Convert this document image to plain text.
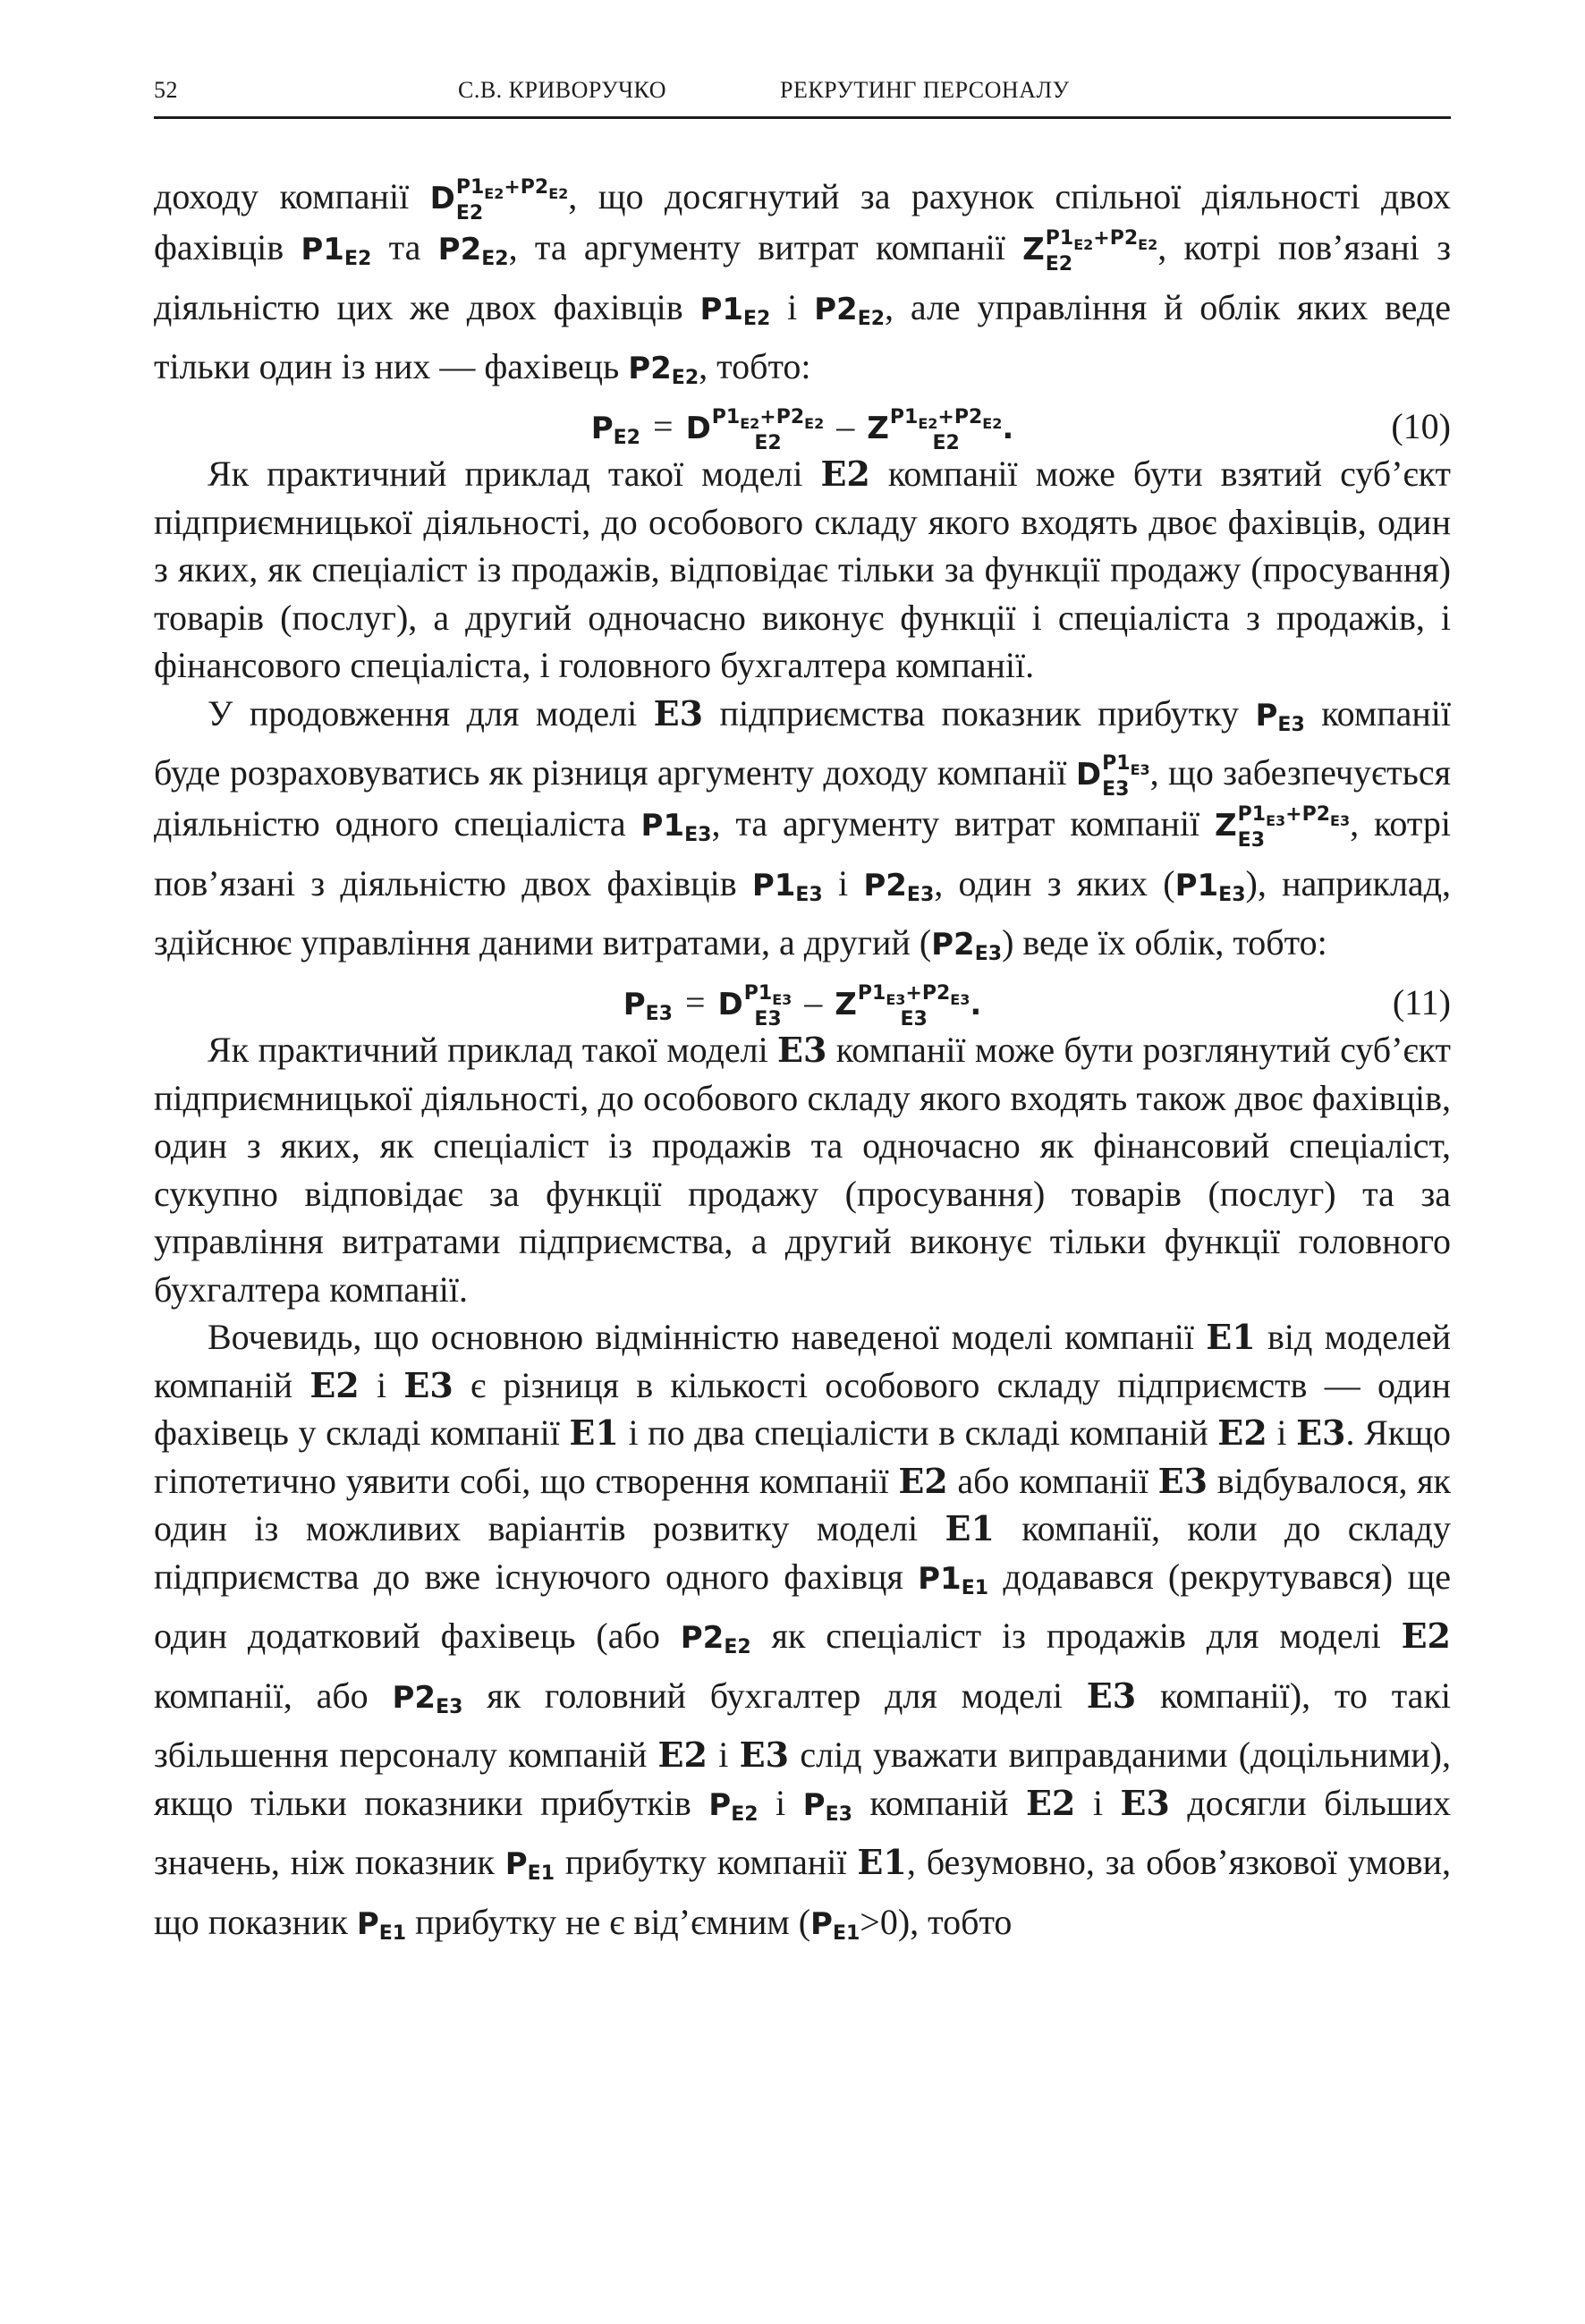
52	С.В. КРИВОРУЧКО	РЕКРУТИНГ ПЕРСОНАЛУ

доходу компанії D $P1_{E2}+P2_{E2}$
E2	, що досягнутий за рахунок спільної діяльності двох фахівців $P1_{E2}$ та $P2_{E2}$, та аргументу витрат компанії Z $P1_{E2}+P2_{E2}$
E2	, котрі пов’язані з діяльністю цих же двох фахівців $P1_{E2}$ і $P2_{E2}$, але управління й облік яких веде тільки один із них — фахівець $P2_{E2}$, тобто:

$P_{E2} = D$ $P1_{E2}+P2_{E2}$
E2	– Z $P1_{E2}+P2_{E2}$
E2	.	(10)

Як практичний приклад такої моделі E2 компанії може бути взятий суб’єкт підприємницької діяльності, до особового складу якого входять двоє фахівців, один з яких, як спеціаліст із продажів, відповідає тільки за функції продажу (просування) товарів (послуг), а другий одночасно виконує функції і спеціаліста з продажів, і фінансового спеціаліста, і головного бухгалтера компанії.

У продовження для моделі E3 підприємства показник прибутку $P_{E3}$ компанії буде розраховуватись як різниця аргументу доходу компанії D $P1_{E3}$
E3 , що забезпечується діяльністю одного спеціаліста $P1_{E3}$, та аргументу витрат компанії Z $P1_{E3}+P2_{E3}$
E3	, котрі пов’язані з діяльністю двох фахівців $P1_{E3}$ і $P2_{E3}$, один з яких $(P1_{E3})$, наприклад, здійснює управління даними витратами, а другий $(P2_{E3})$ веде їх облік, тобто:

$P_{E3} = D$ $P1_{E3}$
E3 – Z $P1_{E3}+P2_{E3}$
E3	.	(11)

Як практичний приклад такої моделі E3 компанії може бути розглянутий суб’єкт підприємницької діяльності, до особового складу якого входять також двоє фахівців, один з яких, як спеціаліст із продажів та одночасно як фінансовий спеціаліст, сукупно відповідає за функції продажу (просування) товарів (послуг) та за управління витратами підприємства, а другий виконує тільки функції головного бухгалтера компанії.

Вочевидь, що основною відмінністю наведеної моделі компанії E1 від моделей компаній E2 і E3 є різниця в кількості особового складу підприємств — один фахівець у складі компанії E1 і по два спеціалісти в складі компаній E2 і E3. Якщо гіпотетично уявити собі, що створення компанії E2 або компанії E3 відбувалося, як один із можливих варіантів розвитку моделі E1 компанії, коли до складу підприємства до вже існуючого одного фахівця $P1_{E1}$ додавався (рекрутувався) ще один додатковий фахівець (або $P2_{E2}$ як спеціаліст із продажів для моделі E2 компанії, або $P2_{E3}$ як головний бухгалтер для моделі E3 компанії), то такі збільшення персоналу компаній E2 і E3 слід уважати виправданими (доцільними), якщо тільки показники прибутків $P_{E2}$ і $P_{E3}$ компаній E2 і E3 досягли більших значень, ніж показник $P_{E1}$ прибутку компанії E1, безумовно, за обов’язкової умови, що показник $P_{E1}$ прибутку не є від’ємним $(P_{E1}>0)$, тобто
